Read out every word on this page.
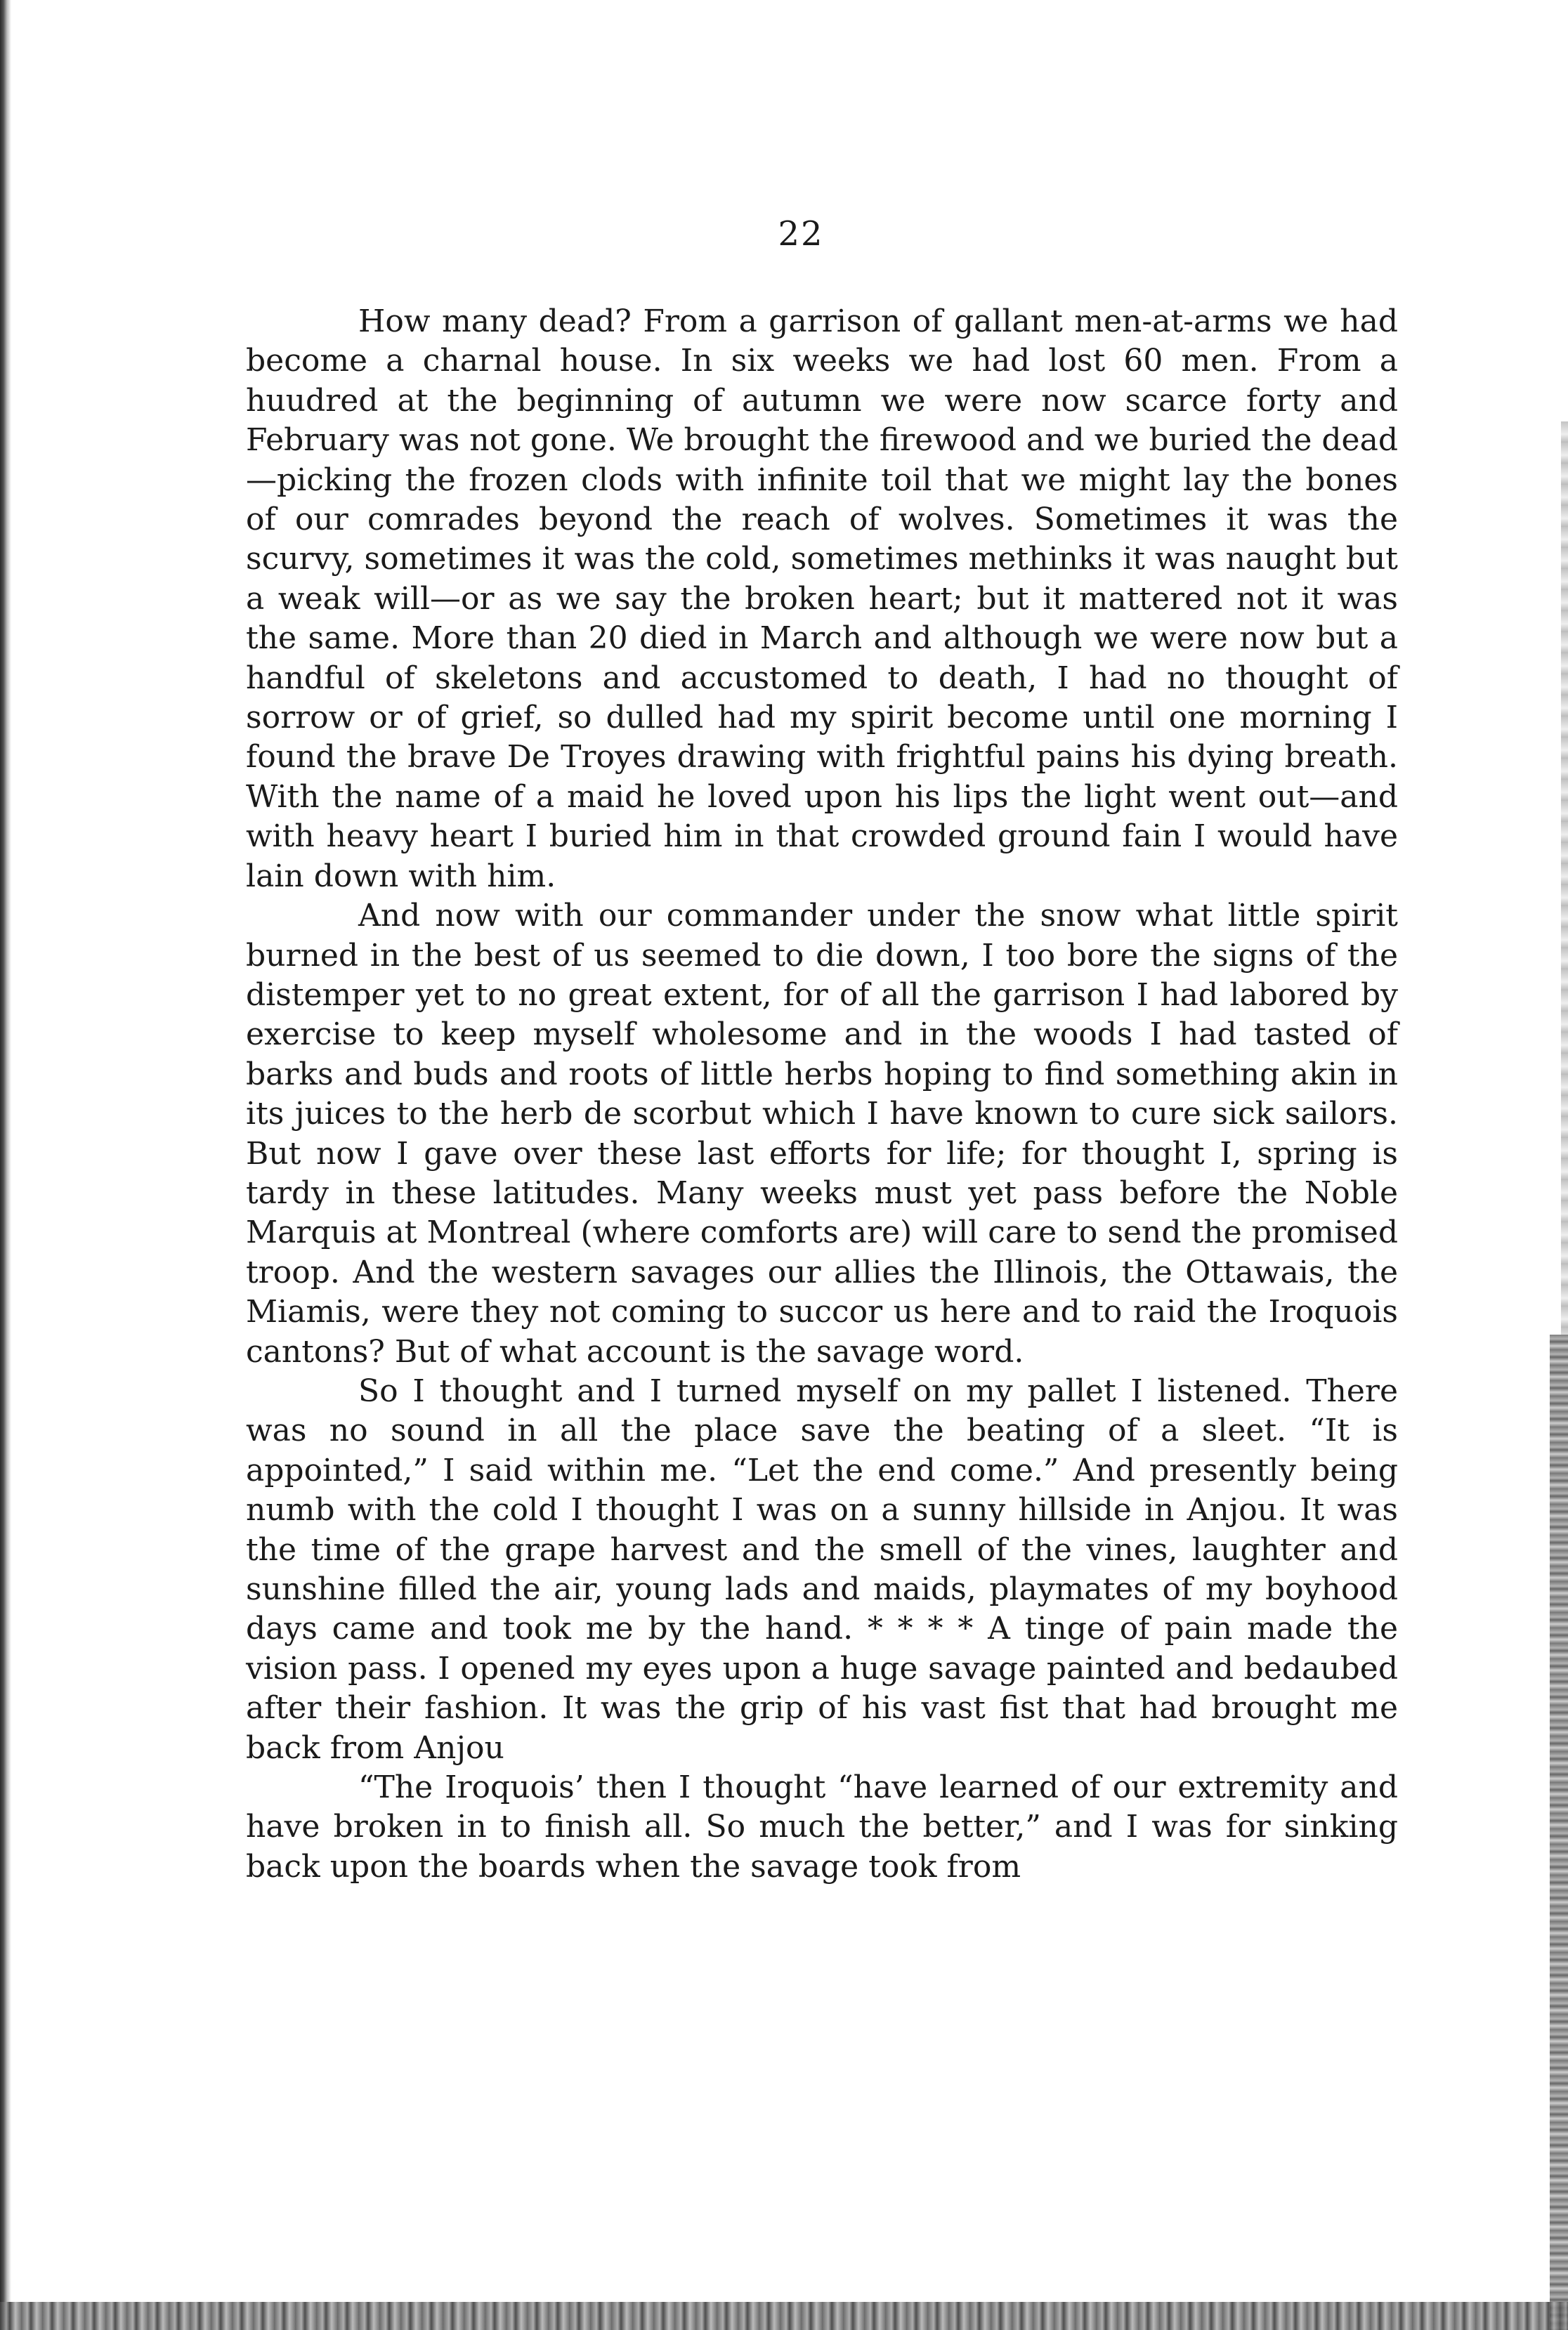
22

How many dead? From a garrison of gallant men-at-arms we had become a charnal house. In six weeks we had lost 60 men. From a huudred at the beginning of autumn we were now scarce forty and February was not gone. We brought the firewood and we buried the dead—picking the frozen clods with infinite toil that we might lay the bones of our comrades beyond the reach of wolves. Sometimes it was the scurvy, sometimes it was the cold, sometimes methinks it was naught but a weak will—or as we say the broken heart; but it mattered not it was the same. More than 20 died in March and although we were now but a handful of skeletons and accustomed to death, I had no thought of sorrow or of grief, so dulled had my spirit become until one morning I found the brave De Troyes drawing with frightful pains his dying breath. With the name of a maid he loved upon his lips the light went out—and with heavy heart I buried him in that crowded ground fain I would have lain down with him.

And now with our commander under the snow what little spirit burned in the best of us seemed to die down, I too bore the signs of the distemper yet to no great extent, for of all the garrison I had labored by exercise to keep myself wholesome and in the woods I had tasted of barks and buds and roots of little herbs hoping to find something akin in its juices to the herb de scorbut which I have known to cure sick sailors. But now I gave over these last efforts for life; for thought I, spring is tardy in these latitudes. Many weeks must yet pass before the Noble Marquis at Montreal (where comforts are) will care to send the promised troop. And the western savages our allies the Illinois, the Ottawais, the Miamis, were they not coming to succor us here and to raid the Iroquois cantons? But of what account is the savage word.

So I thought and I turned myself on my pallet I listened. There was no sound in all the place save the beating of a sleet. “It is appointed,” I said within me. “Let the end come.” And presently being numb with the cold I thought I was on a sunny hillside in Anjou. It was the time of the grape harvest and the smell of the vines, laughter and sunshine filled the air, young lads and maids, playmates of my boyhood days came and took me by the hand. * * * * A tinge of pain made the vision pass. I opened my eyes upon a huge savage painted and bedaubed after their fashion. It was the grip of his vast fist that had brought me back from Anjou

“The Iroquois’ then I thought “have learned of our extremity and have broken in to finish all. So much the better,” and I was for sinking back upon the boards when the savage took from
